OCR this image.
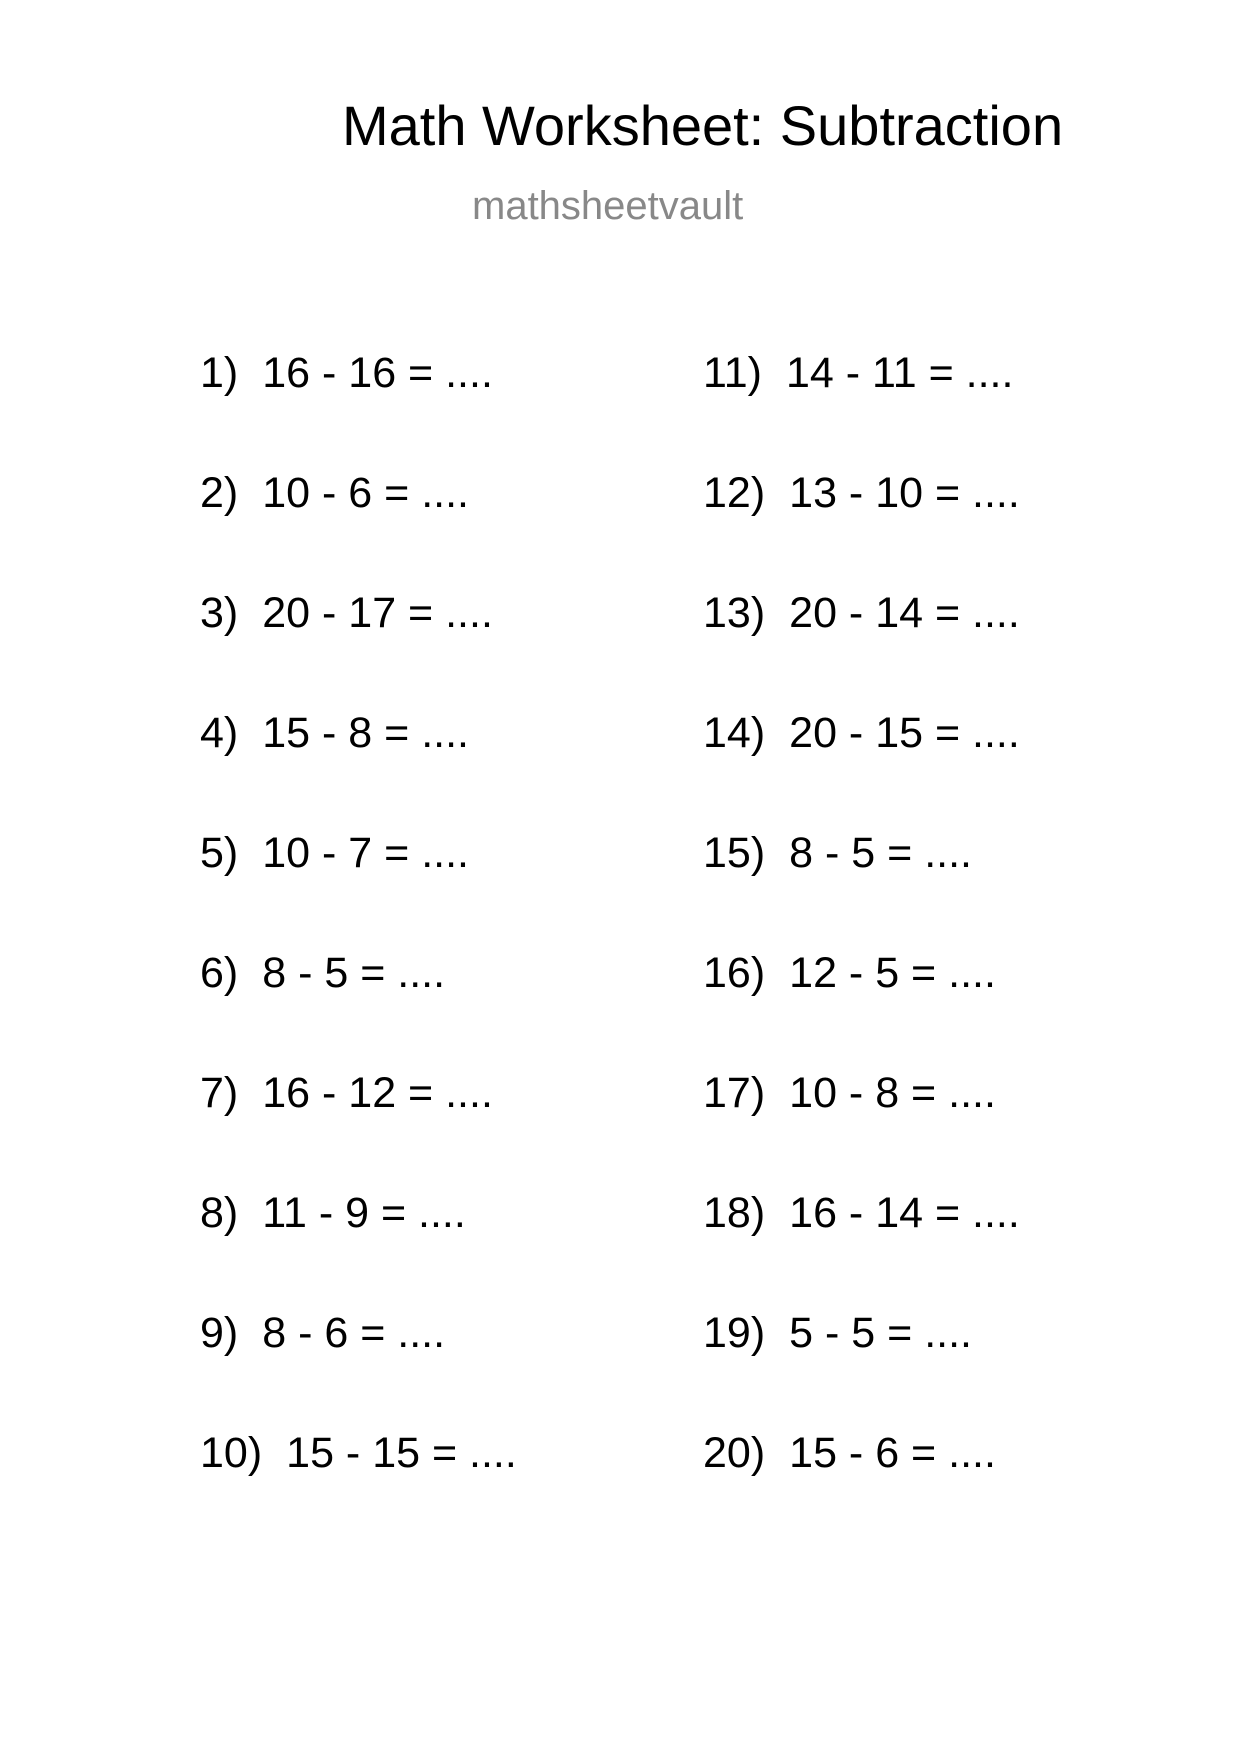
Math Worksheet: Subtraction
mathsheetvault
1) 16 - 16 = ....
2) 10 - 6 = ....
3) 20 - 17 = ....
4) 15 - 8 = ....
5) 10 - 7 = ....
6) 8 - 5 = ....
7) 16 - 12 = ....
8) 11 - 9 = ....
9) 8 - 6 = ....
10) 15 - 15 = ....
11) 14 - 11 = ....
12) 13 - 10 = ....
13) 20 - 14 = ....
14) 20 - 15 = ....
15) 8 - 5 = ....
16) 12 - 5 = ....
17) 10 - 8 = ....
18) 16 - 14 = ....
19) 5 - 5 = ....
20) 15 - 6 = ....
